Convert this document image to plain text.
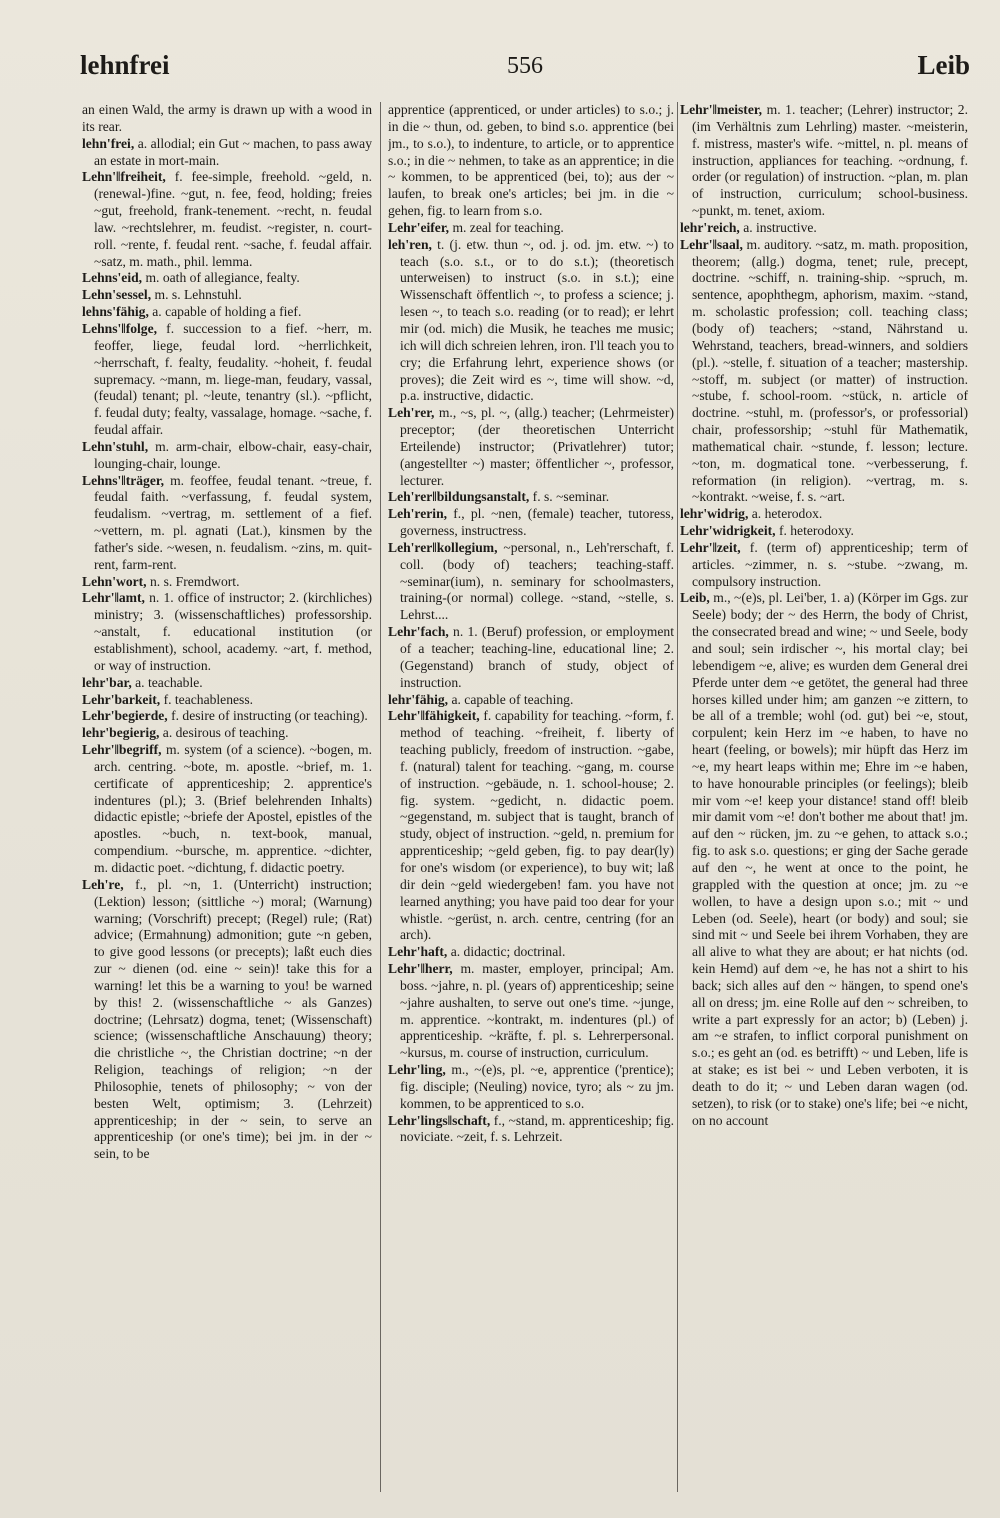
lehnfrei	556	Leib

an einen Wald, the army is drawn up with a wood in its rear.

lehn'frei, a. allodial; ein Gut ~ machen, to pass away an estate in mort-main.

Lehn'‖freiheit, f. fee-simple, freehold. ~geld, n. (renewal-)fine. ~gut, n. fee, feod, holding; freies ~gut, freehold, frank-tenement. ~recht, n. feudal law. ~rechtslehrer, m. feudist. ~register, n. court-roll. ~rente, f. feudal rent. ~sache, f. feudal affair. ~satz, m. math., phil. lemma.

Lehns'eid, m. oath of allegiance, fealty.

Lehn'sessel, m. s. Lehnstuhl.

lehns'fähig, a. capable of holding a fief.

Lehns'‖folge, f. succession to a fief. ~herr, m. feoffer, liege, feudal lord. ~herrlichkeit, ~herrschaft, f. fealty, feudality. ~hoheit, f. feudal supremacy. ~mann, m. liege-man, feudary, vassal, (feudal) tenant; pl. ~leute, tenantry (sl.). ~pflicht, f. feudal duty; fealty, vassalage, homage. ~sache, f. feudal affair.

Lehn'stuhl, m. arm-chair, elbow-chair, easy-chair, lounging-chair, lounge.

Lehns'‖träger, m. feoffee, feudal tenant. ~treue, f. feudal faith. ~verfassung, f. feudal system, feudalism. ~vertrag, m. settlement of a fief. ~vettern, m. pl. agnati (Lat.), kinsmen by the father's side. ~wesen, n. feudalism. ~zins, m. quit-rent, farm-rent.

Lehn'wort, n. s. Fremdwort.

Lehr'‖amt, n. 1. office of instructor; 2. (kirchliches) ministry; 3. (wissenschaftliches) professorship. ~anstalt, f. educational institution (or establishment), school, academy. ~art, f. method, or way of instruction.

lehr'bar, a. teachable.

Lehr'barkeit, f. teachableness.

Lehr'begierde, f. desire of instructing (or teaching).

lehr'begierig, a. desirous of teaching.

Lehr'‖begriff, m. system (of a science). ~bogen, m. arch. centring. ~bote, m. apostle. ~brief, m. 1. certificate of apprenticeship; 2. apprentice's indentures (pl.); 3. (Brief belehrenden Inhalts) didactic epistle; ~briefe der Apostel, epistles of the apostles. ~buch, n. text-book, manual, compendium. ~bursche, m. apprentice. ~dichter, m. didactic poet. ~dichtung, f. didactic poetry.

Leh're, f., pl. ~n, 1. (Unterricht) instruction; (Lektion) lesson; (sittliche ~) moral; (Warnung) warning; (Vorschrift) precept; (Regel) rule; (Rat) advice; (Ermahnung) admonition; gute ~n geben, to give good lessons (or precepts); laßt euch dies zur ~ dienen (od. eine ~ sein)! take this for a warning! let this be a warning to you! be warned by this! 2. (wissenschaftliche ~ als Ganzes) doctrine; (Lehrsatz) dogma, tenet; (Wissenschaft) science; (wissenschaftliche Anschauung) theory; die christliche ~, the Christian doctrine; ~n der Religion, teachings of religion; ~n der Philosophie, tenets of philosophy; ~ von der besten Welt, optimism; 3. (Lehrzeit) apprenticeship; in der ~ sein, to serve an apprenticeship (or one's time); bei jm. in der ~ sein, to be

apprentice (apprenticed, or under articles) to s.o.; j. in die ~ thun, od. geben, to bind s.o. apprentice (bei jm., to s.o.), to indenture, to article, or to apprentice s.o.; in die ~ nehmen, to take as an apprentice; in die ~ kommen, to be apprenticed (bei, to); aus der ~ laufen, to break one's articles; bei jm. in die ~ gehen, fig. to learn from s.o.

Lehr'eifer, m. zeal for teaching.

leh'ren, t. (j. etw. thun ~, od. j. od. jm. etw. ~) to teach (s.o. s.t., or to do s.t.); (theoretisch unterweisen) to instruct (s.o. in s.t.); eine Wissenschaft öffentlich ~, to profess a science; j. lesen ~, to teach s.o. reading (or to read); er lehrt mir (od. mich) die Musik, he teaches me music; ich will dich schreien lehren, iron. I'll teach you to cry; die Erfahrung lehrt, experience shows (or proves); die Zeit wird es ~, time will show. ~d, p.a. instructive, didactic.

Leh'rer, m., ~s, pl. ~, (allg.) teacher; (Lehrmeister) preceptor; (der theoretischen Unterricht Erteilende) instructor; (Privatlehrer) tutor; (angestellter ~) master; öffentlicher ~, professor, lecturer.

Leh'rer‖bildungsanstalt, f. s. ~seminar.

Leh'rerin, f., pl. ~nen, (female) teacher, tutoress, governess, instructress.

Leh'rer‖kollegium, ~personal, n., Leh'rerschaft, f. coll. (body of) teachers; teaching-staff. ~seminar(ium), n. seminary for schoolmasters, training-(or normal) college. ~stand, ~stelle, s. Lehrst....

Lehr'fach, n. 1. (Beruf) profession, or employment of a teacher; teaching-line, educational line; 2. (Gegenstand) branch of study, object of instruction.

lehr'fähig, a. capable of teaching.

Lehr'‖fähigkeit, f. capability for teaching. ~form, f. method of teaching. ~freiheit, f. liberty of teaching publicly, freedom of instruction. ~gabe, f. (natural) talent for teaching. ~gang, m. course of instruction. ~gebäude, n. 1. school-house; 2. fig. system. ~gedicht, n. didactic poem. ~gegenstand, m. subject that is taught, branch of study, object of instruction. ~geld, n. premium for apprenticeship; ~geld geben, fig. to pay dear(ly) for one's wisdom (or experience), to buy wit; laß dir dein ~geld wiedergeben! fam. you have not learned anything; you have paid too dear for your whistle. ~gerüst, n. arch. centre, centring (for an arch).

Lehr'haft, a. didactic; doctrinal.

Lehr'‖herr, m. master, employer, principal; Am. boss. ~jahre, n. pl. (years of) apprenticeship; seine ~jahre aushalten, to serve out one's time. ~junge, m. apprentice. ~kontrakt, m. indentures (pl.) of apprenticeship. ~kräfte, f. pl. s. Lehrerpersonal. ~kursus, m. course of instruction, curriculum.

Lehr'ling, m., ~(e)s, pl. ~e, apprentice ('prentice); fig. disciple; (Neuling) novice, tyro; als ~ zu jm. kommen, to be apprenticed to s.o.

Lehr'lings‖schaft, f., ~stand, m. apprenticeship; fig. noviciate. ~zeit, f. s. Lehrzeit.

Lehr'‖meister, m. 1. teacher; (Lehrer) instructor; 2. (im Verhältnis zum Lehrling) master. ~meisterin, f. mistress, master's wife. ~mittel, n. pl. means of instruction, appliances for teaching. ~ordnung, f. order (or regulation) of instruction. ~plan, m. plan of instruction, curriculum; school-business. ~punkt, m. tenet, axiom.

lehr'reich, a. instructive.

Lehr'‖saal, m. auditory. ~satz, m. math. proposition, theorem; (allg.) dogma, tenet; rule, precept, doctrine. ~schiff, n. training-ship. ~spruch, m. sentence, apophthegm, aphorism, maxim. ~stand, m. scholastic profession; coll. teaching class; (body of) teachers; ~stand, Nährstand u. Wehrstand, teachers, bread-winners, and soldiers (pl.). ~stelle, f. situation of a teacher; mastership. ~stoff, m. subject (or matter) of instruction. ~stube, f. school-room. ~stück, n. article of doctrine. ~stuhl, m. (professor's, or professorial) chair, professorship; ~stuhl für Mathematik, mathematical chair. ~stunde, f. lesson; lecture. ~ton, m. dogmatical tone. ~verbesserung, f. reformation (in religion). ~vertrag, m. s. ~kontrakt. ~weise, f. s. ~art.

lehr'widrig, a. heterodox.

Lehr'widrigkeit, f. heterodoxy.

Lehr'‖zeit, f. (term of) apprenticeship; term of articles. ~zimmer, n. s. ~stube. ~zwang, m. compulsory instruction.

Leib, m., ~(e)s, pl. Lei'ber, 1. a) (Körper im Ggs. zur Seele) body; der ~ des Herrn, the body of Christ, the consecrated bread and wine; ~ und Seele, body and soul; sein irdischer ~, his mortal clay; bei lebendigem ~e, alive; es wurden dem General drei Pferde unter dem ~e getötet, the general had three horses killed under him; am ganzen ~e zittern, to be all of a tremble; wohl (od. gut) bei ~e, stout, corpulent; kein Herz im ~e haben, to have no heart (feeling, or bowels); mir hüpft das Herz im ~e, my heart leaps within me; Ehre im ~e haben, to have honourable principles (or feelings); bleib mir vom ~e! keep your distance! stand off! bleib mir damit vom ~e! don't bother me about that! jm. auf den ~ rücken, jm. zu ~e gehen, to attack s.o.; fig. to ask s.o. questions; er ging der Sache gerade auf den ~, he went at once to the point, he grappled with the question at once; jm. zu ~e wollen, to have a design upon s.o.; mit ~ und Leben (od. Seele), heart (or body) and soul; sie sind mit ~ und Seele bei ihrem Vorhaben, they are all alive to what they are about; er hat nichts (od. kein Hemd) auf dem ~e, he has not a shirt to his back; sich alles auf den ~ hängen, to spend one's all on dress; jm. eine Rolle auf den ~ schreiben, to write a part expressly for an actor; b) (Leben) j. am ~e strafen, to inflict corporal punishment on s.o.; es geht an (od. es betrifft) ~ und Leben, life is at stake; es ist bei ~ und Leben verboten, it is death to do it; ~ und Leben daran wagen (od. setzen), to risk (or to stake) one's life; bei ~e nicht, on no account
